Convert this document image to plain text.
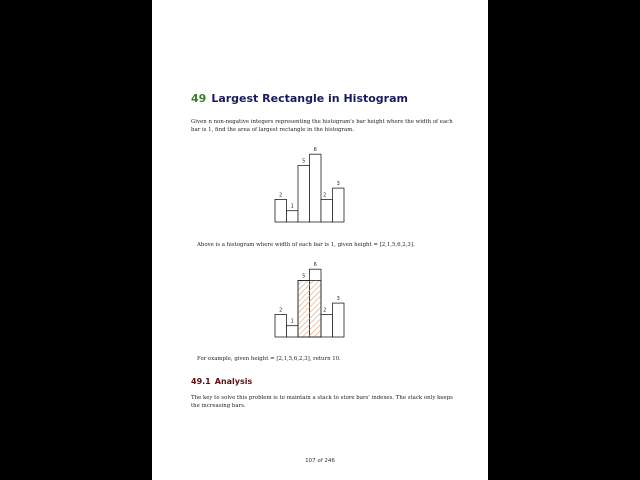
49 Largest Rectangle in Histogram

Given n non-negative integers representing the histogram's bar height where the width of each bar is 1, find the area of largest rectangle in the histogram.

2
1
5
6
2
3

Above is a histogram where width of each bar is 1, given height = [2,1,5,6,2,3].

2
1
5
6
2
3

For example, given height = [2,1,5,6,2,3], return 10.

49.1 Analysis

The key to solve this problem is to maintain a stack to store bars' indexes. The stack only keeps the increasing bars.

107 of 246
